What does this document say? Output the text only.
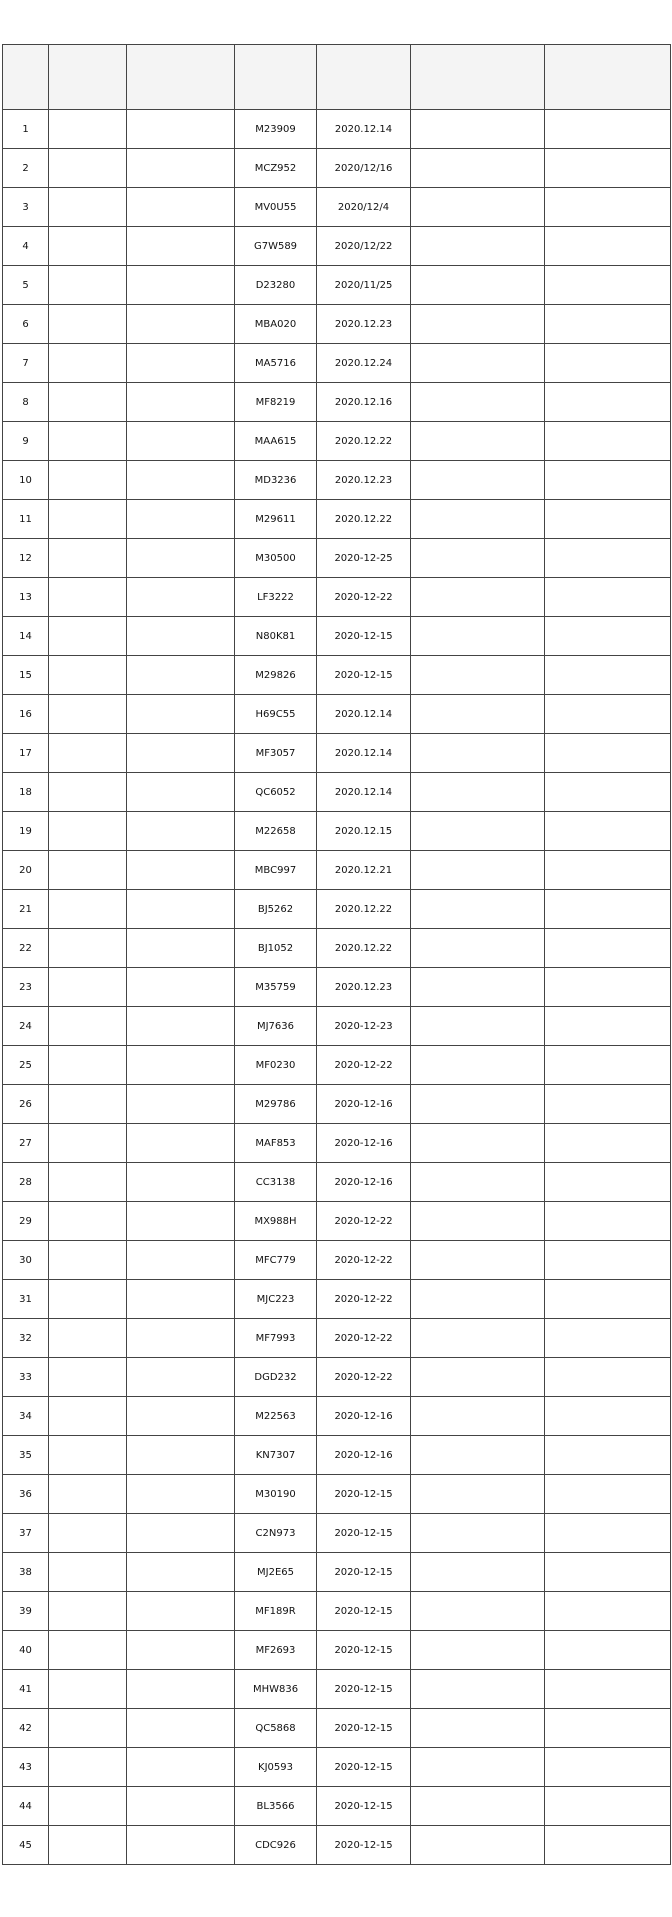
1			M23909	2020.12.14		
2			MCZ952	2020/12/16		
3			MV0U55	2020/12/4		
4			G7W589	2020/12/22		
5			D23280	2020/11/25		
6			MBA020	2020.12.23		
7			MA5716	2020.12.24		
8			MF8219	2020.12.16		
9			MAA615	2020.12.22		
10			MD3236	2020.12.23		
11			M29611	2020.12.22		
12			M30500	2020-12-25		
13			LF3222	2020-12-22		
14			N80K81	2020-12-15		
15			M29826	2020-12-15		
16			H69C55	2020.12.14		
17			MF3057	2020.12.14		
18			QC6052	2020.12.14		
19			M22658	2020.12.15		
20			MBC997	2020.12.21		
21			BJ5262	2020.12.22		
22			BJ1052	2020.12.22		
23			M35759	2020.12.23		
24			MJ7636	2020-12-23		
25			MF0230	2020-12-22		
26			M29786	2020-12-16		
27			MAF853	2020-12-16		
28			CC3138	2020-12-16		
29			MX988H	2020-12-22		
30			MFC779	2020-12-22		
31			MJC223	2020-12-22		
32			MF7993	2020-12-22		
33			DGD232	2020-12-22		
34			M22563	2020-12-16		
35			KN7307	2020-12-16		
36			M30190	2020-12-15		
37			C2N973	2020-12-15		
38			MJ2E65	2020-12-15		
39			MF189R	2020-12-15		
40			MF2693	2020-12-15		
41			MHW836	2020-12-15		
42			QC5868	2020-12-15		
43			KJ0593	2020-12-15		
44			BL3566	2020-12-15		
45			CDC926	2020-12-15		
